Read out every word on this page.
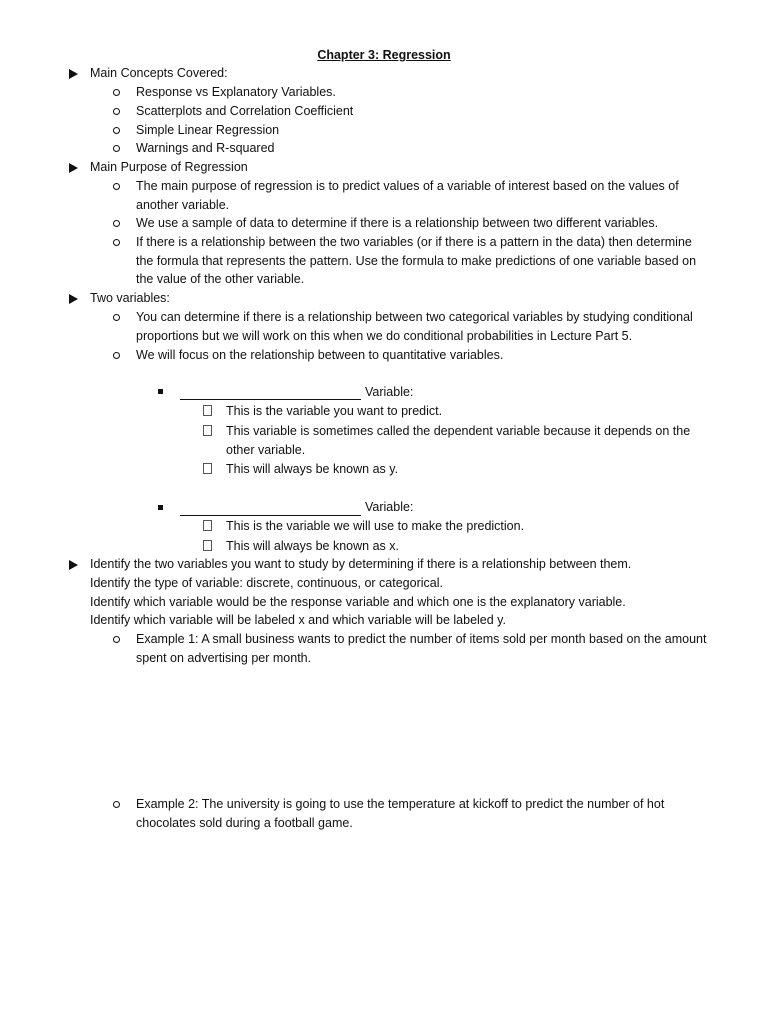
Chapter 3: Regression
Main Concepts Covered:
Response vs Explanatory Variables.
Scatterplots and Correlation Coefficient
Simple Linear Regression
Warnings and R-squared
Main Purpose of Regression
The main purpose of regression is to predict values of a variable of interest based on the values of
another variable.
We use a sample of data to determine if there is a relationship between two different variables.
If there is a relationship between the two variables (or if there is a pattern in the data) then determine
the formula that represents the pattern. Use the formula to make predictions of one variable based on
the value of the other variable.
Two variables:
You can determine if there is a relationship between two categorical variables by studying conditional
proportions but we will work on this when we do conditional probabilities in Lecture Part 5.
We will focus on the relationship between to quantitative variables.
Variable:
This is the variable you want to predict.
This variable is sometimes called the dependent variable because it depends on the
other variable.
This will always be known as y.
Variable:
This is the variable we will use to make the prediction.
This will always be known as x.
Identify the two variables you want to study by determining if there is a relationship between them.
Identify the type of variable: discrete, continuous, or categorical.
Identify which variable would be the response variable and which one is the explanatory variable.
Identify which variable will be labeled x and which variable will be labeled y.
Example 1: A small business wants to predict the number of items sold per month based on the amount
spent on advertising per month.
Example 2: The university is going to use the temperature at kickoff to predict the number of hot
chocolates sold during a football game.
